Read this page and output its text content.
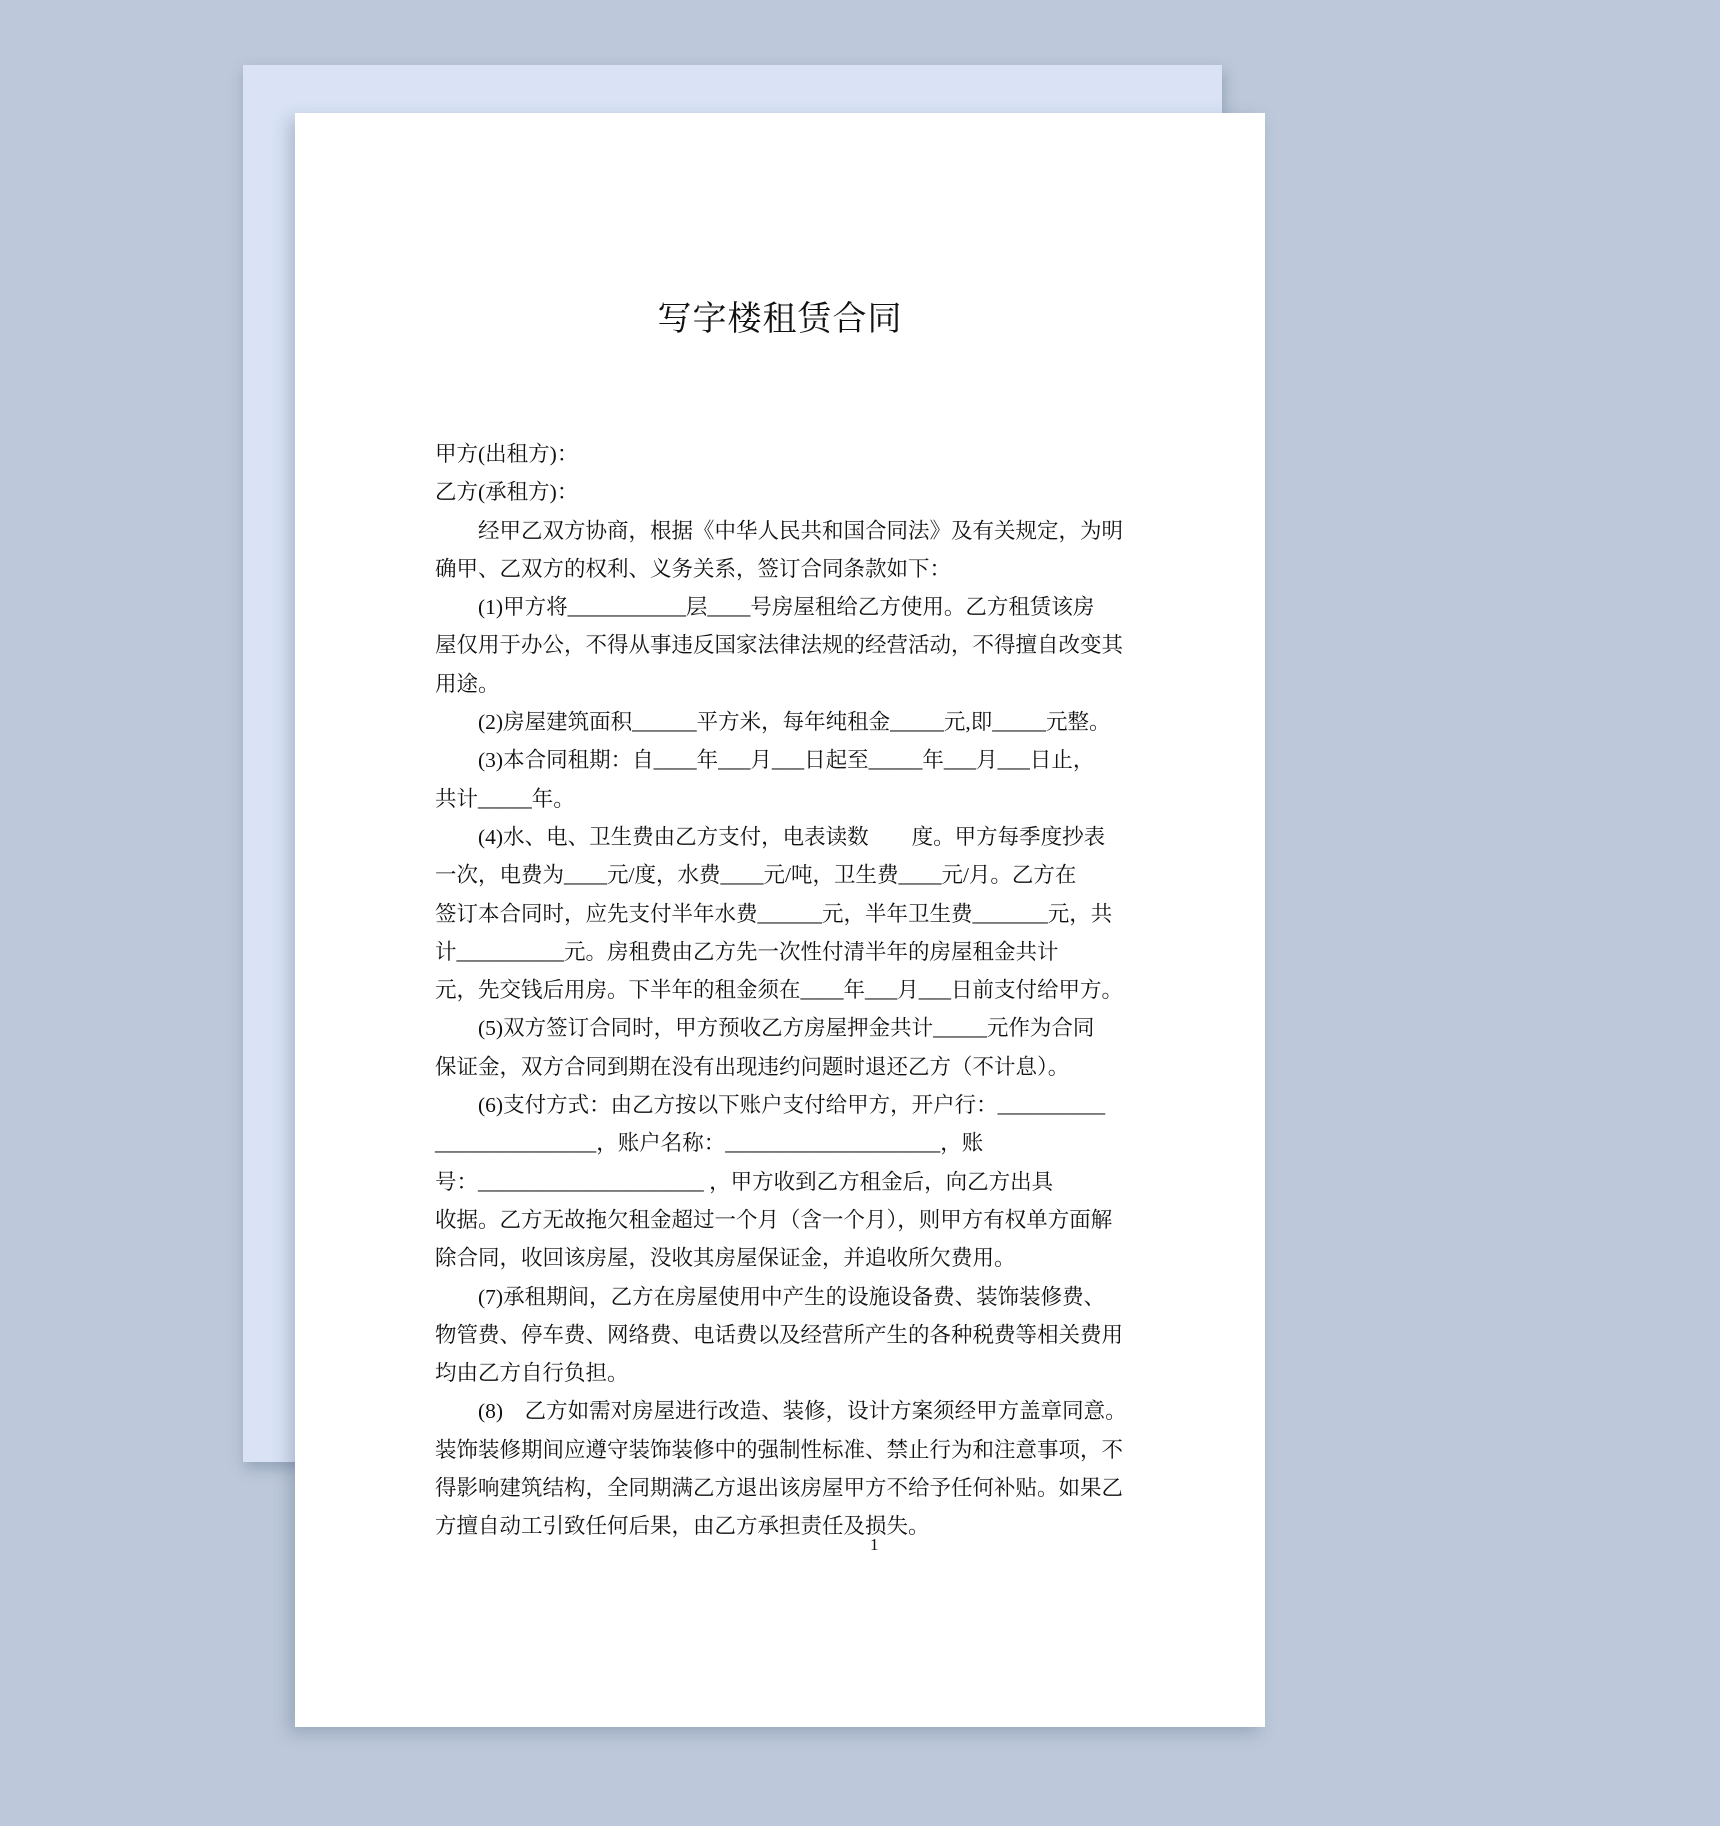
写字楼租赁合同
甲方(出租方)：
乙方(承租方)：
　　经甲乙双方协商，根据《中华人民共和国合同法》及有关规定，为明
确甲、乙双方的权利、义务关系，签订合同条款如下：
　　(1)甲方将___________层____号房屋租给乙方使用。乙方租赁该房
屋仅用于办公，不得从事违反国家法律法规的经营活动，不得擅自改变其
用途。
　　(2)房屋建筑面积______平方米，每年纯租金_____元,即_____元整。
　　(3)本合同租期：自____年___月___日起至_____年___月___日止，
共计_____年。
　　(4)水、电、卫生费由乙方支付，电表读数　　度。甲方每季度抄表
一次，电费为____元/度，水费____元/吨，卫生费____元/月。乙方在
签订本合同时，应先支付半年水费______元，半年卫生费_______元，共
计__________元。房租费由乙方先一次性付清半年的房屋租金共计
元，先交钱后用房。下半年的租金须在____年___月___日前支付给甲方。
　　(5)双方签订合同时，甲方预收乙方房屋押金共计_____元作为合同
保证金，双方合同到期在没有出现违约问题时退还乙方（不计息）。
　　(6)支付方式：由乙方按以下账户支付给甲方，开户行：__________
_______________，账户名称：____________________，账
号：_____________________ ，甲方收到乙方租金后，向乙方出具
收据。乙方无故拖欠租金超过一个月（含一个月），则甲方有权单方面解
除合同，收回该房屋，没收其房屋保证金，并追收所欠费用。
　　(7)承租期间，乙方在房屋使用中产生的设施设备费、装饰装修费、
物管费、停车费、网络费、电话费以及经营所产生的各种税费等相关费用
均由乙方自行负担。
　　(8)　乙方如需对房屋进行改造、装修，设计方案须经甲方盖章同意。
装饰装修期间应遵守装饰装修中的强制性标准、禁止行为和注意事项，不
得影响建筑结构，全同期满乙方退出该房屋甲方不给予任何补贴。如果乙
方擅自动工引致任何后果，由乙方承担责任及损失。
1
